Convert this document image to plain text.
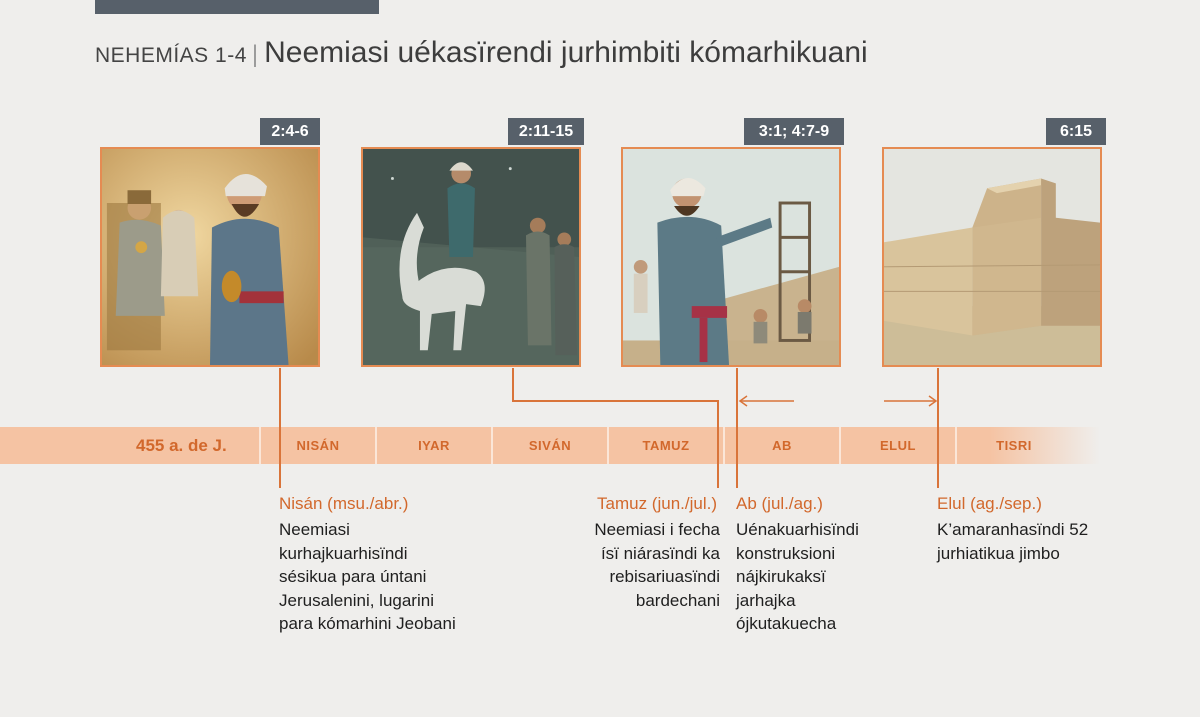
NEHEMÍAS 1-4 | Neemiasi uékasïrendi jurhimbiti kómarhikuani
2:4-6	2:11-15	3:1; 4:7-9	6:15
455 a. de J.	NISÁN	IYAR	SIVÁN	TAMUZ	AB	ELUL	TISRI
Nisán (msu./abr.)
Neemiasi
kurhajkuarhisïndi
sésikua para úntani
Jerusalenini, lugarini
para kómarhini Jeobani
Tamuz (jun./jul.)
Neemiasi i fecha
ísï niárasïndi ka
rebisariuasïndi
bardechani
Ab (jul./ag.)
Uénakuarhisïndi
konstruksioni
nájkirukaksï
jarhajka
ójkutakuecha
Elul (ag./sep.)
K’amaranhasïndi 52
jurhiatikua jimbo
